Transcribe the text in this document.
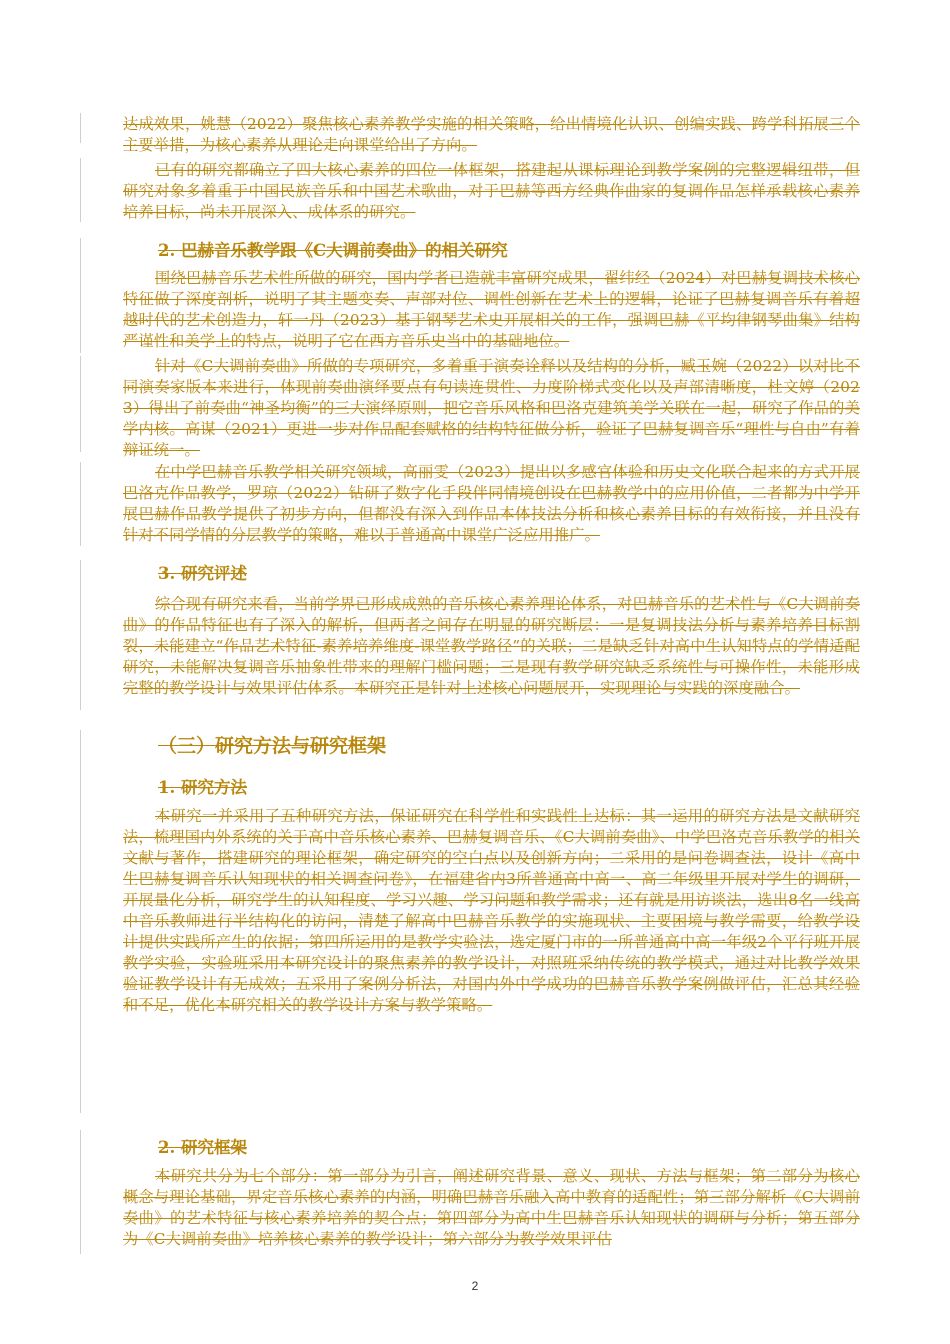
达成效果，姚慧（2022）聚焦核心素养教学实施的相关策略，给出情境化认识、创编实践、跨学科拓展三个主要举措，为核心素养从理论走向课堂给出了方向。

已有的研究都确立了四大核心素养的四位一体框架，搭建起从课标理论到教学案例的完整逻辑纽带，但研究对象多着重于中国民族音乐和中国艺术歌曲，对于巴赫等西方经典作曲家的复调作品怎样承载核心素养培养目标，尚未开展深入、成体系的研究。

2. 巴赫音乐教学跟《C大调前奏曲》的相关研究

围绕巴赫音乐艺术性所做的研究，国内学者已造就丰富研究成果，翟纬经（2024）对巴赫复调技术核心特征做了深度剖析，说明了其主题变奏、声部对位、调性创新在艺术上的逻辑，论证了巴赫复调音乐有着超越时代的艺术创造力，轩一丹（2023）基于钢琴艺术史开展相关的工作，强调巴赫《平均律钢琴曲集》结构严谨性和美学上的特点，说明了它在西方音乐史当中的基础地位。

针对《C大调前奏曲》所做的专项研究，多着重于演奏诠释以及结构的分析，臧玉婉（2022）以对比不同演奏家版本来进行，体现前奏曲演绎要点有句读连贯性、力度阶梯式变化以及声部清晰度，杜文婷（2023）得出了前奏曲“神圣均衡”的三大演绎原则，把它音乐风格和巴洛克建筑美学关联在一起，研究了作品的美学内核。高谋（2021）更进一步对作品配套赋格的结构特征做分析，验证了巴赫复调音乐“理性与自由”有着辩证统一。

在中学巴赫音乐教学相关研究领域，高丽雯（2023）提出以多感官体验和历史文化联合起来的方式开展巴洛克作品教学，罗琼（2022）钻研了数字化手段伴同情境创设在巴赫教学中的应用价值，二者都为中学开展巴赫作品教学提供了初步方向，但都没有深入到作品本体技法分析和核心素养目标的有效衔接，并且没有针对不同学情的分层教学的策略，难以于普通高中课堂广泛应用推广。

3. 研究评述

综合现有研究来看，当前学界已形成成熟的音乐核心素养理论体系，对巴赫音乐的艺术性与《C大调前奏曲》的作品特征也有了深入的解析，但两者之间存在明显的研究断层：一是复调技法分析与素养培养目标割裂，未能建立“作品艺术特征-素养培养维度-课堂教学路径”的关联；二是缺乏针对高中生认知特点的学情适配研究，未能解决复调音乐抽象性带来的理解门槛问题；三是现有教学研究缺乏系统性与可操作性，未能形成完整的教学设计与效果评估体系。本研究正是针对上述核心问题展开，实现理论与实践的深度融合。

（三）研究方法与研究框架
1. 研究方法

本研究一并采用了五种研究方法，保证研究在科学性和实践性上达标：其一运用的研究方法是文献研究法，梳理国内外系统的关于高中音乐核心素养、巴赫复调音乐、《C大调前奏曲》、中学巴洛克音乐教学的相关文献与著作，搭建研究的理论框架，确定研究的空白点以及创新方向；二采用的是问卷调查法，设计《高中生巴赫复调音乐认知现状的相关调查问卷》，在福建省内3所普通高中高一、高二年级里开展对学生的调研，开展量化分析，研究学生的认知程度、学习兴趣、学习问题和教学需求；还有就是用访谈法，选出8名一线高中音乐教师进行半结构化的访问，清楚了解高中巴赫音乐教学的实施现状、主要困境与教学需要，给教学设计提供实践所产生的依据；第四所运用的是教学实验法，选定厦门市的一所普通高中高一年级2个平行班开展教学实验，实验班采用本研究设计的聚焦素养的教学设计，对照班采纳传统的教学模式，通过对比教学效果验证教学设计有无成效；五采用了案例分析法，对国内外中学成功的巴赫音乐教学案例做评估，汇总其经验和不足，优化本研究相关的教学设计方案与教学策略。

2. 研究框架

本研究共分为七个部分：第一部分为引言，阐述研究背景、意义、现状、方法与框架；第二部分为核心概念与理论基础，界定音乐核心素养的内涵，明确巴赫音乐融入高中教育的适配性；第三部分解析《C大调前奏曲》的艺术特征与核心素养培养的契合点；第四部分为高中生巴赫音乐认知现状的调研与分析；第五部分为《C大调前奏曲》培养核心素养的教学设计；第六部分为教学效果评估

2
